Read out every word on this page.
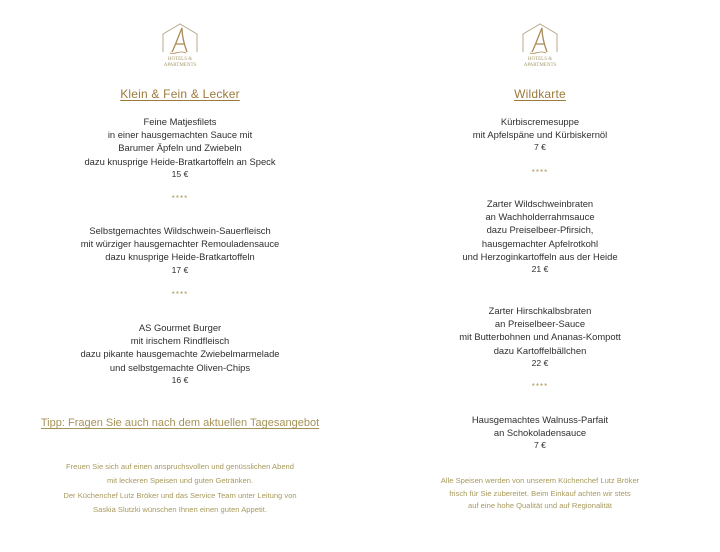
HOTELS &
APARTMENTS
Klein & Fein & Lecker
Feine Matjesfilets
in einer hausgemachten Sauce mit
Barumer Äpfeln und Zwiebeln
dazu knusprige Heide-Bratkartoffeln an Speck
15 €
****
Selbstgemachtes Wildschwein-Sauerfleisch
mit würziger hausgemachter Remouladensauce
dazu knusprige Heide-Bratkartoffeln
17 €
****
AS Gourmet Burger
mit irischem Rindfleisch
dazu pikante hausgemachte Zwiebelmarmelade
und selbstgemachte Oliven-Chips
16 €
Tipp: Fragen Sie auch nach dem aktuellen Tagesangebot
Freuen Sie sich auf einen anspruchsvollen und genüsslichen Abend
mit leckeren Speisen und guten Getränken.
Der Küchenchef Lutz Bröker und das Service Team unter Leitung von
Saskia Slutzki wünschen Ihnen einen guten Appetit.
HOTELS &
APARTMENTS
Wildkarte
Kürbiscremesuppe
mit Apfelspäne und Kürbiskernöl
7 €
****
Zarter Wildschweinbraten
an Wachholderrahmsauce
dazu Preiselbeer-Pfirsich,
hausgemachter Apfelrotkohl
und Herzoginkartoffeln aus der Heide
21 €
Zarter Hirschkalbsbraten
an Preiselbeer-Sauce
mit Butterbohnen und Ananas-Kompott
dazu Kartoffelbällchen
22 €
****
Hausgemachtes Walnuss-Parfait
an Schokoladensauce
7 €
Alle Speisen werden von unserem Küchenchef Lutz Bröker
frisch für Sie zubereitet. Beim Einkauf achten wir stets
auf eine hohe Qualität und auf Regionalität
